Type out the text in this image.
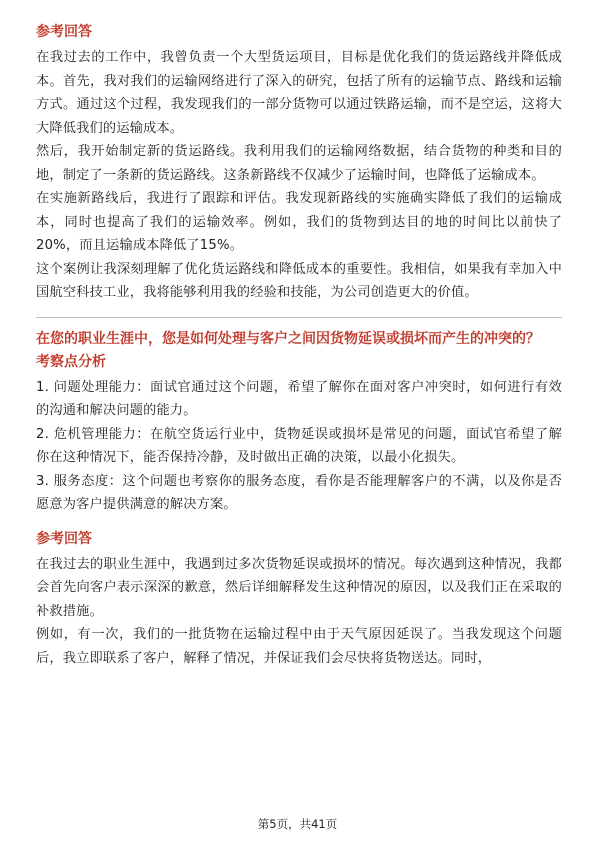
参考回答

在我过去的工作中，我曾负责一个大型货运项目，目标是优化我们的货运路线并降低成本。首先，我对我们的运输网络进行了深入的研究，包括了所有的运输节点、路线和运输方式。通过这个过程，我发现我们的一部分货物可以通过铁路运输，而不是空运，这将大大降低我们的运输成本。

然后，我开始制定新的货运路线。我利用我们的运输网络数据，结合货物的种类和目的地，制定了一条新的货运路线。这条新路线不仅减少了运输时间，也降低了运输成本。

在实施新路线后，我进行了跟踪和评估。我发现新路线的实施确实降低了我们的运输成本，同时也提高了我们的运输效率。例如，我们的货物到达目的地的时间比以前快了20%，而且运输成本降低了15%。

这个案例让我深刻理解了优化货运路线和降低成本的重要性。我相信，如果我有幸加入中国航空科技工业，我将能够利用我的经验和技能，为公司创造更大的价值。

在您的职业生涯中，您是如何处理与客户之间因货物延误或损坏而产生的冲突的？
考察点分析

1. 问题处理能力：面试官通过这个问题，希望了解你在面对客户冲突时，如何进行有效的沟通和解决问题的能力。

2. 危机管理能力：在航空货运行业中，货物延误或损坏是常见的问题，面试官希望了解你在这种情况下，能否保持冷静，及时做出正确的决策，以最小化损失。

3. 服务态度：这个问题也考察你的服务态度，看你是否能理解客户的不满，以及你是否愿意为客户提供满意的解决方案。

参考回答

在我过去的职业生涯中，我遇到过多次货物延误或损坏的情况。每次遇到这种情况，我都会首先向客户表示深深的歉意，然后详细解释发生这种情况的原因，以及我们正在采取的补救措施。

例如，有一次，我们的一批货物在运输过程中由于天气原因延误了。当我发现这个问题后，我立即联系了客户，解释了情况，并保证我们会尽快将货物送达。同时，

第5页，共41页
